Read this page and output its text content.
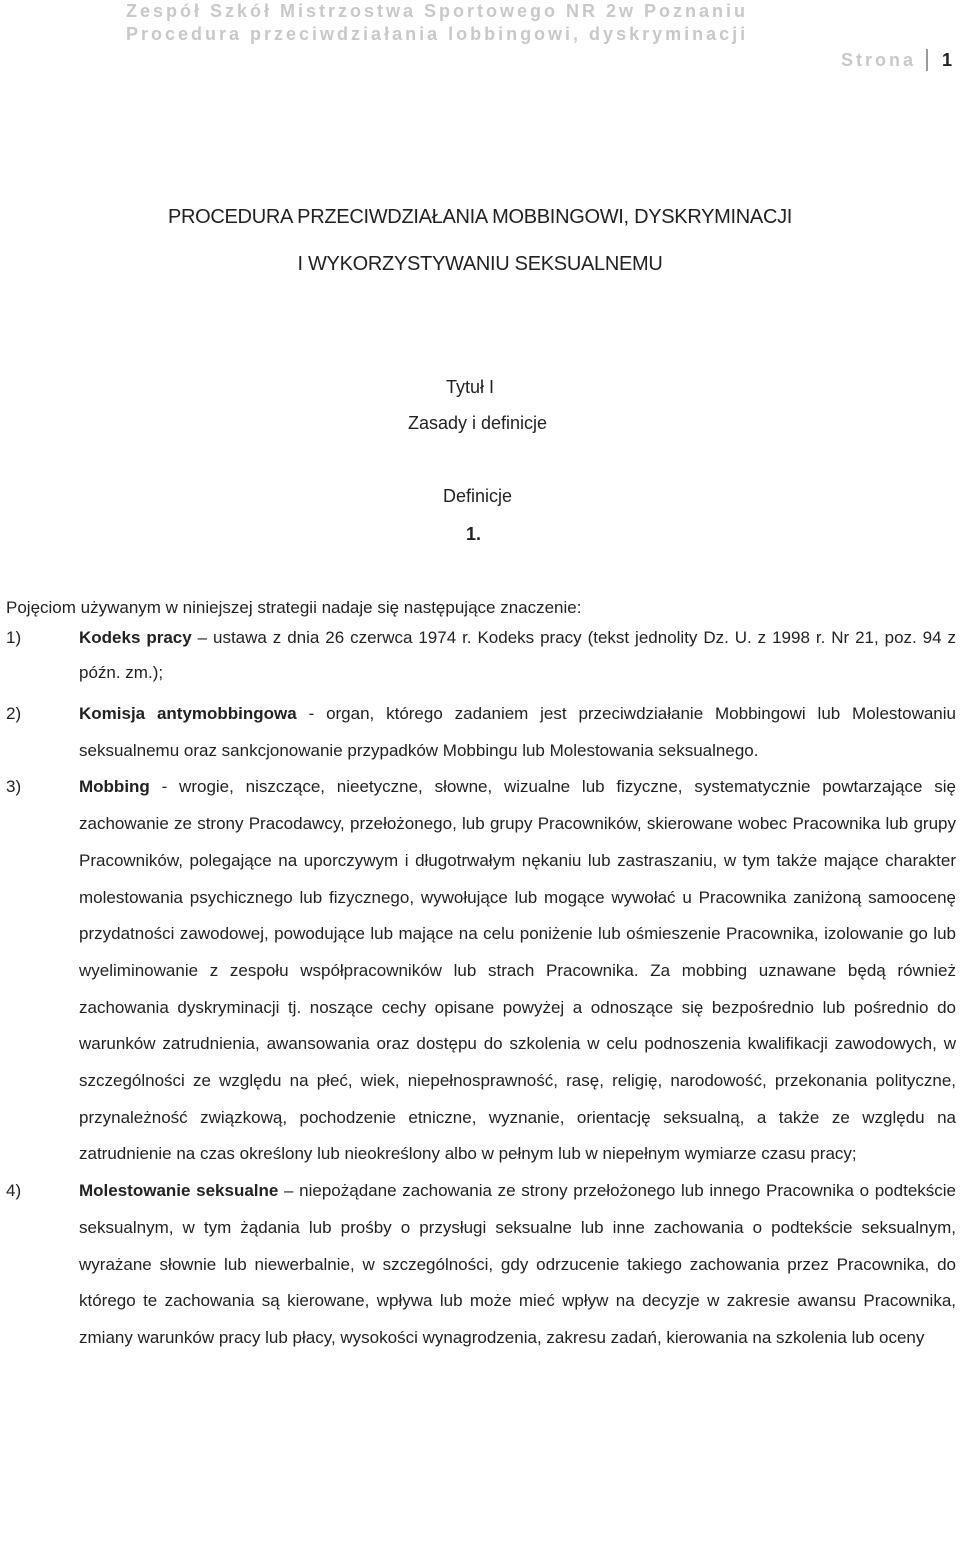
Zespół Szkół Mistrzostwa Sportowego NR 2w Poznaniu
Procedura przeciwdziałania lobbingowi, dyskryminacji
Strona	1
PROCEDURA PRZECIWDZIAŁANIA MOBBINGOWI, DYSKRYMINACJI
I WYKORZYSTYWANIU SEKSUALNEMU
Tytuł I
Zasady i definicje
Definicje
1.
Pojęciom używanym w niniejszej strategii nadaje się następujące znaczenie:
1)	Kodeks pracy – ustawa z dnia 26 czerwca 1974 r. Kodeks pracy (tekst jednolity Dz. U. z 1998 r. Nr 21, poz. 94 z późn. zm.);

2)	Komisja antymobbingowa - organ, którego zadaniem jest przeciwdziałanie Mobbingowi lub Molestowaniu seksualnemu oraz sankcjonowanie przypadków Mobbingu lub Molestowania seksualnego.

3)	Mobbing - wrogie, niszczące, nieetyczne, słowne, wizualne lub fizyczne, systematycznie powtarzające się zachowanie ze strony Pracodawcy, przełożonego, lub grupy Pracowników, skierowane wobec Pracownika lub grupy Pracowników, polegające na uporczywym i długotrwałym nękaniu lub zastraszaniu, w tym także mające charakter molestowania psychicznego lub fizycznego, wywołujące lub mogące wywołać u Pracownika zaniżoną samoocenę przydatności zawodowej, powodujące lub mające na celu poniżenie lub ośmieszenie Pracownika, izolowanie go lub wyeliminowanie z zespołu współpracowników lub strach Pracownika. Za mobbing uznawane będą również zachowania dyskryminacji tj. noszące cechy opisane powyżej a odnoszące się bezpośrednio lub pośrednio do warunków zatrudnienia, awansowania oraz dostępu do szkolenia w celu podnoszenia kwalifikacji zawodowych, w szczególności ze względu na płeć, wiek, niepełnosprawność, rasę, religię, narodowość, przekonania polityczne, przynależność związkową, pochodzenie etniczne, wyznanie, orientację seksualną, a także ze względu na zatrudnienie na czas określony lub nieokreślony albo w pełnym lub w niepełnym wymiarze czasu pracy;

4)	Molestowanie seksualne – niepożądane zachowania ze strony przełożonego lub innego Pracownika o podtekście seksualnym, w tym żądania lub prośby o przysługi seksualne lub inne zachowania o podtekście seksualnym, wyrażane słownie lub niewerbalnie, w szczególności, gdy odrzucenie takiego zachowania przez Pracownika, do którego te zachowania są kierowane, wpływa lub może mieć wpływ na decyzje w zakresie awansu Pracownika, zmiany warunków pracy lub płacy, wysokości wynagrodzenia, zakresu zadań, kierowania na szkolenia lub oceny
